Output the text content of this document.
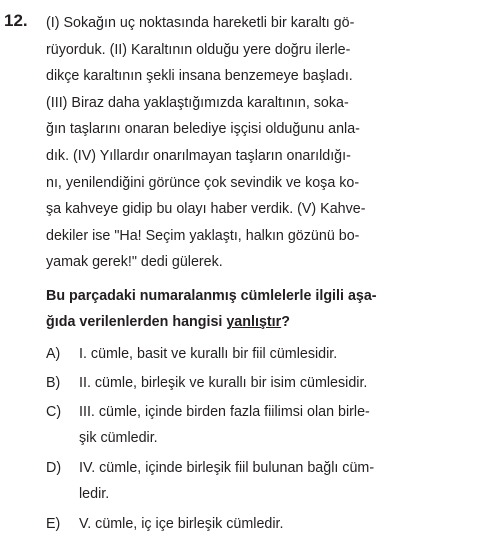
12. (I) Sokağın uç noktasında hareketli bir karaltı gö-
rüyorduk. (II) Karaltının olduğu yere doğru ilerle-
dikçe karaltının şekli insana benzemeye başladı.
(III) Biraz daha yaklaştığımızda karaltının, soka-
ğın taşlarını onaran belediye işçisi olduğunu anla-
dık. (IV) Yıllardır onarılmayan taşların onarıldığı-
nı, yenilendiğini görünce çok sevindik ve koşa ko-
şa kahveye gidip bu olayı haber verdik. (V) Kahve-
dekiler ise "Ha! Seçim yaklaştı, halkın gözünü bo-
yamak gerek!" dedi gülerek.
Bu parçadaki numaralanmış cümlelerle ilgili aşa-
ğıda verilenlerden hangisi yanlıştır?
A) I. cümle, basit ve kurallı bir fiil cümlesidir.
B) II. cümle, birleşik ve kurallı bir isim cümlesidir.
C) III. cümle, içinde birden fazla fiilimsi olan birle-
şik cümledir.
D) IV. cümle, içinde birleşik fiil bulunan bağlı cüm-
ledir.
E) V. cümle, iç içe birleşik cümledir.
